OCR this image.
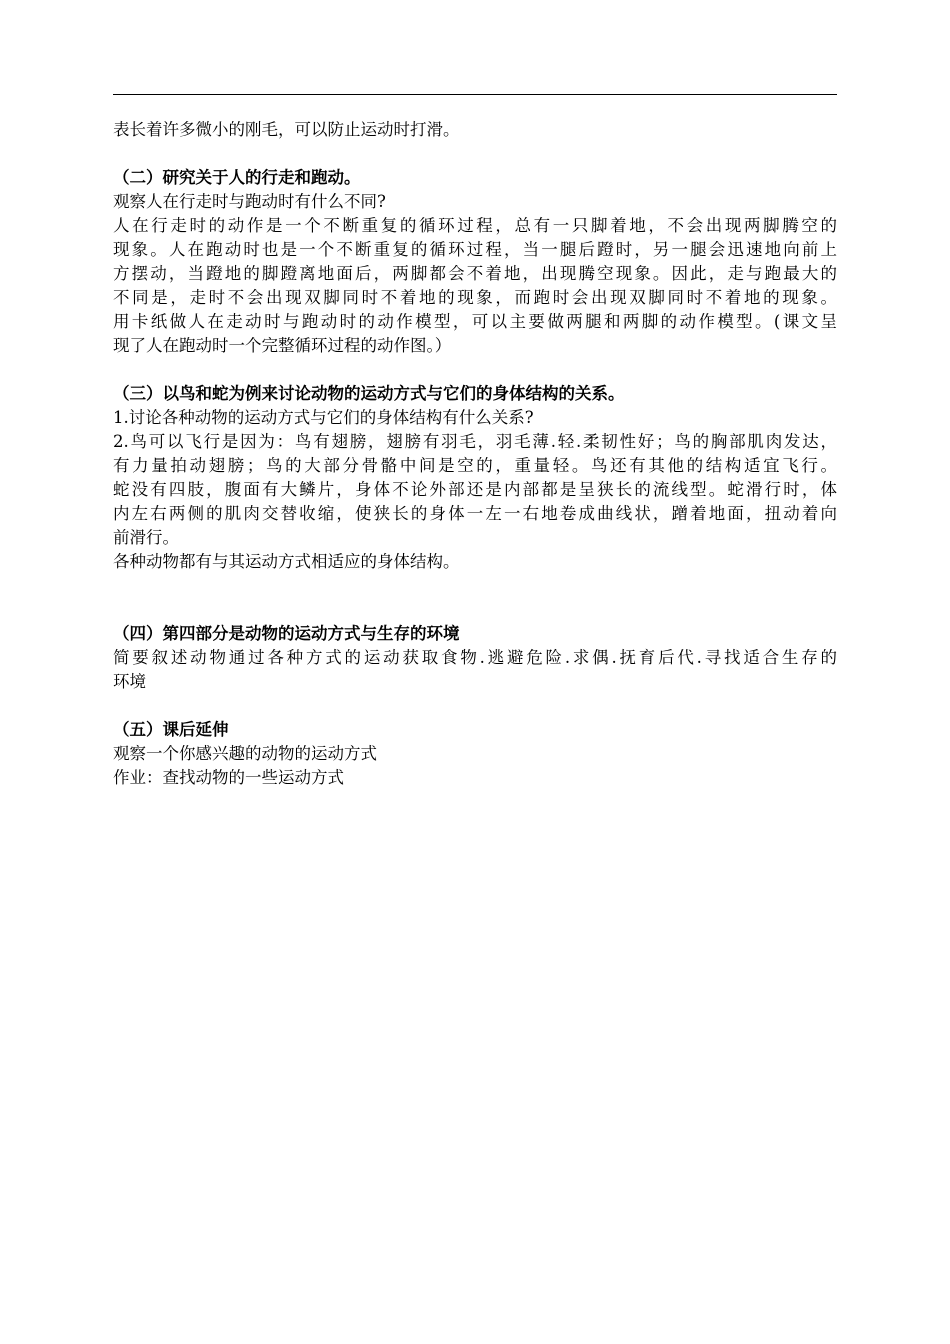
表长着许多微小的刚毛，可以防止运动时打滑。
（二）研究关于人的行走和跑动。
观察人在行走时与跑动时有什么不同?
人在行走时的动作是一个不断重复的循环过程，总有一只脚着地，不会出现两脚腾空的
现象。人在跑动时也是一个不断重复的循环过程，当一腿后蹬时，另一腿会迅速地向前上
方摆动，当蹬地的脚蹬离地面后，两脚都会不着地，出现腾空现象。因此，走与跑最大的
不同是，走时不会出现双脚同时不着地的现象，而跑时会出现双脚同时不着地的现象。
用卡纸做人在走动时与跑动时的动作模型，可以主要做两腿和两脚的动作模型。(课文呈
现了人在跑动时一个完整循环过程的动作图。）
（三）以鸟和蛇为例来讨论动物的运动方式与它们的身体结构的关系。
1.讨论各种动物的运动方式与它们的身体结构有什么关系?
2.鸟可以飞行是因为：鸟有翅膀，翅膀有羽毛，羽毛薄.轻.柔韧性好；鸟的胸部肌肉发达，
有力量拍动翅膀；鸟的大部分骨骼中间是空的，重量轻。鸟还有其他的结构适宜飞行。
蛇没有四肢，腹面有大鳞片，身体不论外部还是内部都是呈狭长的流线型。蛇滑行时，体
内左右两侧的肌肉交替收缩，使狭长的身体一左一右地卷成曲线状，蹭着地面，扭动着向
前滑行。
各种动物都有与其运动方式相适应的身体结构。
（四）第四部分是动物的运动方式与生存的环境
简要叙述动物通过各种方式的运动获取食物.逃避危险.求偶.抚育后代.寻找适合生存的
环境
（五）课后延伸
观察一个你感兴趣的动物的运动方式
作业：查找动物的一些运动方式
